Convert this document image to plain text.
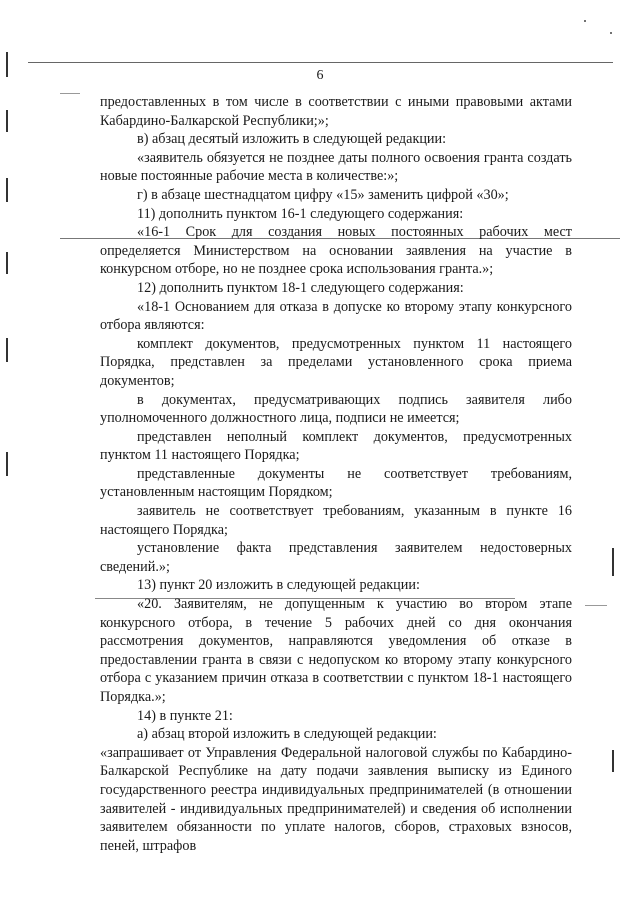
6

предоставленных в том числе в соответствии с иными правовыми актами Кабардино-Балкарской Республики;»;

в) абзац десятый изложить в следующей редакции:

«заявитель обязуется не позднее даты полного освоения гранта создать новые постоянные рабочие места в количестве:»;

г) в абзаце шестнадцатом цифру «15» заменить цифрой «30»;

11) дополнить пунктом 16-1 следующего содержания:

«16-1 Срок для создания новых постоянных рабочих мест определяется Министерством на основании заявления на участие в конкурсном отборе, но не позднее срока использования гранта.»;

12) дополнить пунктом 18-1 следующего содержания:

«18-1 Основанием для отказа в допуске ко второму этапу конкурсного отбора являются:

комплект документов, предусмотренных пунктом 11 настоящего Порядка, представлен за пределами установленного срока приема документов;

в документах, предусматривающих подпись заявителя либо уполномоченного должностного лица, подписи не имеется;

представлен неполный комплект документов, предусмотренных пунктом 11 настоящего Порядка;

представленные документы не соответствует требованиям, установленным настоящим Порядком;

заявитель не соответствует требованиям, указанным в пункте 16 настоящего Порядка;

установление факта представления заявителем недостоверных сведений.»;

13) пункт 20 изложить в следующей редакции:

«20. Заявителям, не допущенным к участию во втором этапе конкурсного отбора, в течение 5 рабочих дней со дня окончания рассмотрения документов, направляются уведомления об отказе в предоставлении гранта в связи с недопуском ко второму этапу конкурсного отбора с указанием причин отказа в соответствии с пунктом 18-1 настоящего Порядка.»;

14) в пункте 21:

а) абзац второй изложить в следующей редакции:

«запрашивает от Управления Федеральной налоговой службы по Кабардино-Балкарской Республике на дату подачи заявления выписку из Единого государственного реестра индивидуальных предпринимателей (в отношении заявителей - индивидуальных предпринимателей) и сведения об исполнении заявителем обязанности по уплате налогов, сборов, страховых взносов, пеней, штрафов
